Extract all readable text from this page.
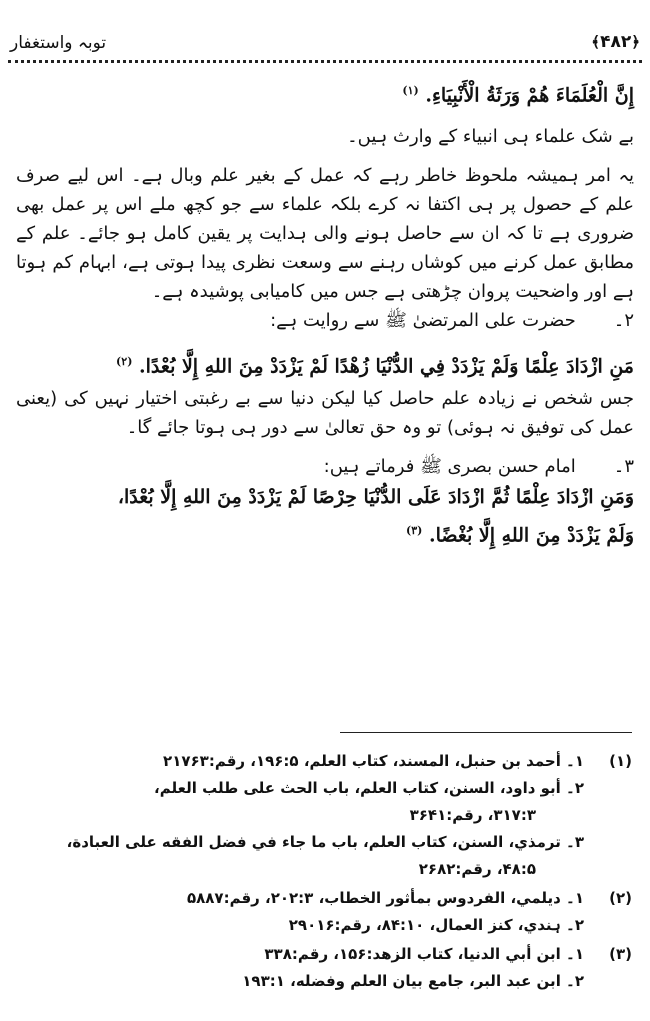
﴿۴۸۲﴾
توبہ واستغفار

إِنَّ الْعُلَمَاءَ هُمْ وَرَثَةُ الْأَنْبِيَاءِ. $^{(۱)}$

بے شک علماء ہی انبیاء کے وارث ہیں۔

یہ امر ہمیشہ ملحوظ خاطر رہے کہ عمل کے بغیر علم وبال ہے۔ اس لیے صرف علم کے حصول پر ہی اکتفا نہ کرے بلکہ علماء سے جو کچھ ملے اس پر عمل بھی ضروری ہے تا کہ ان سے حاصل ہونے والی ہدایت پر یقین کامل ہو جائے۔ علم کے مطابق عمل کرنے میں کوشاں رہنے سے وسعت نظری پیدا ہوتی ہے، ابہام کم ہوتا ہے اور واضحیت پروان چڑھتی ہے جس میں کامیابی پوشیدہ ہے۔

۲۔
حضرت علی المرتضیٰ ﷺ سے روایت ہے:

مَنِ ازْدَادَ عِلْمًا وَلَمْ يَزْدَدْ فِي الدُّنْيَا زُهْدًا لَمْ يَزْدَدْ مِنَ اللهِ إِلَّا بُعْدًا. $^{(۲)}$

جس شخص نے زیادہ علم حاصل کیا لیکن دنیا سے بے رغبتی اختیار نہیں کی (یعنی عمل کی توفیق نہ ہوئی) تو وہ حق تعالیٰ سے دور ہی ہوتا جائے گا۔

۳۔
امام حسن بصری ﷺ فرماتے ہیں:

وَمَنِ ازْدَادَ عِلْمًا ثُمَّ ازْدَادَ عَلَى الدُّنْيَا حِرْصًا لَمْ يَزْدَدْ مِنَ اللهِ إِلَّا بُعْدًا،

وَلَمْ يَزْدَدْ مِنَ اللهِ إِلَّا بُغْضًا. $^{(۳)}$

(۱)

۱۔ أحمد بن حنبل، المسند، كتاب العلم، ۱۹۶:۵، رقم:۲۱۷۶۳

۲۔ أبو داود، السنن، كتاب العلم، باب الحث على طلب العلم،

۳۱۷:۳، رقم:۳۶۴۱

۳۔ ترمذي، السنن، كتاب العلم، باب ما جاء في فضل الفقه على العبادة،

۴۸:۵، رقم:۲۶۸۲

(۲)

۱۔ ديلمي، الفردوس بمأثور الخطاب، ۲۰۲:۳، رقم:۵۸۸۷

۲۔ ہندي، كنز العمال، ۸۴:۱۰، رقم:۲۹۰۱۶

(۳)

۱۔ ابن أبي الدنيا، كتاب الزهد:۱۵۶، رقم:۳۳۸

۲۔ ابن عبد البر، جامع بيان العلم وفضله، ۱۹۳:۱
